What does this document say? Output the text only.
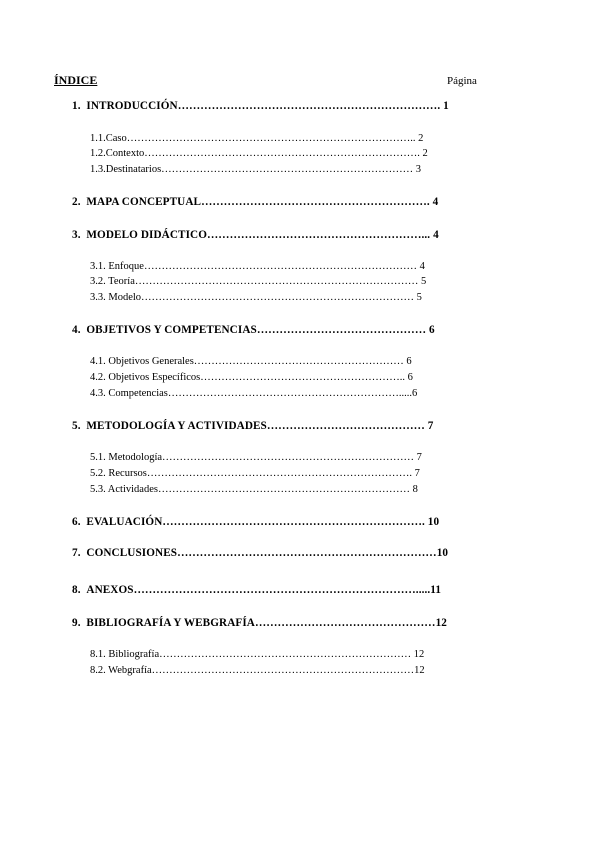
ÍNDICE	Página
1.  INTRODUCCIÓN……………………………………………………………. 1
1.1.Caso……………………………………………………………………….. 2
1.2.Contexto……………………………………………………………………. 2
1.3.Destinatarios……………………………………………………………… 3
2.  MAPA CONCEPTUAL……………………………………………………. 4
3.  MODELO DIDÁCTICO…………………………………………………... 4
3.1. Enfoque…………………………………………………………………… 4
3.2. Teoría……………………………………………………………………… 5
3.3. Modelo…………………………………………………………………… 5
4.  OBJETIVOS Y COMPETENCIAS……………………………………… 6
4.1. Objetivos Generales…………………………………………………… 6
4.2. Objetivos Específicos………………………………………………….. 6
4.3. Competencias………………………………………………………….....6
5.  METODOLOGÍA Y ACTIVIDADES…………………………………… 7
5.1. Metodología……………………………………………………………… 7
5.2. Recursos…………………………………………………………………. 7
5.3. Actividades……………………………………………………………… 8
6.  EVALUACIÓN……………………………………………………………. 10
7.  CONCLUSIONES……………………………………………………………10
8.  ANEXOS………………………………………………………………….....11
9.  BIBLIOGRAFÍA Y WEBGRAFÍA…………………………………………12
8.1. Bibliografía……………………………………………………………… 12
8.2. Webgrafía…………………………………………………………………12
